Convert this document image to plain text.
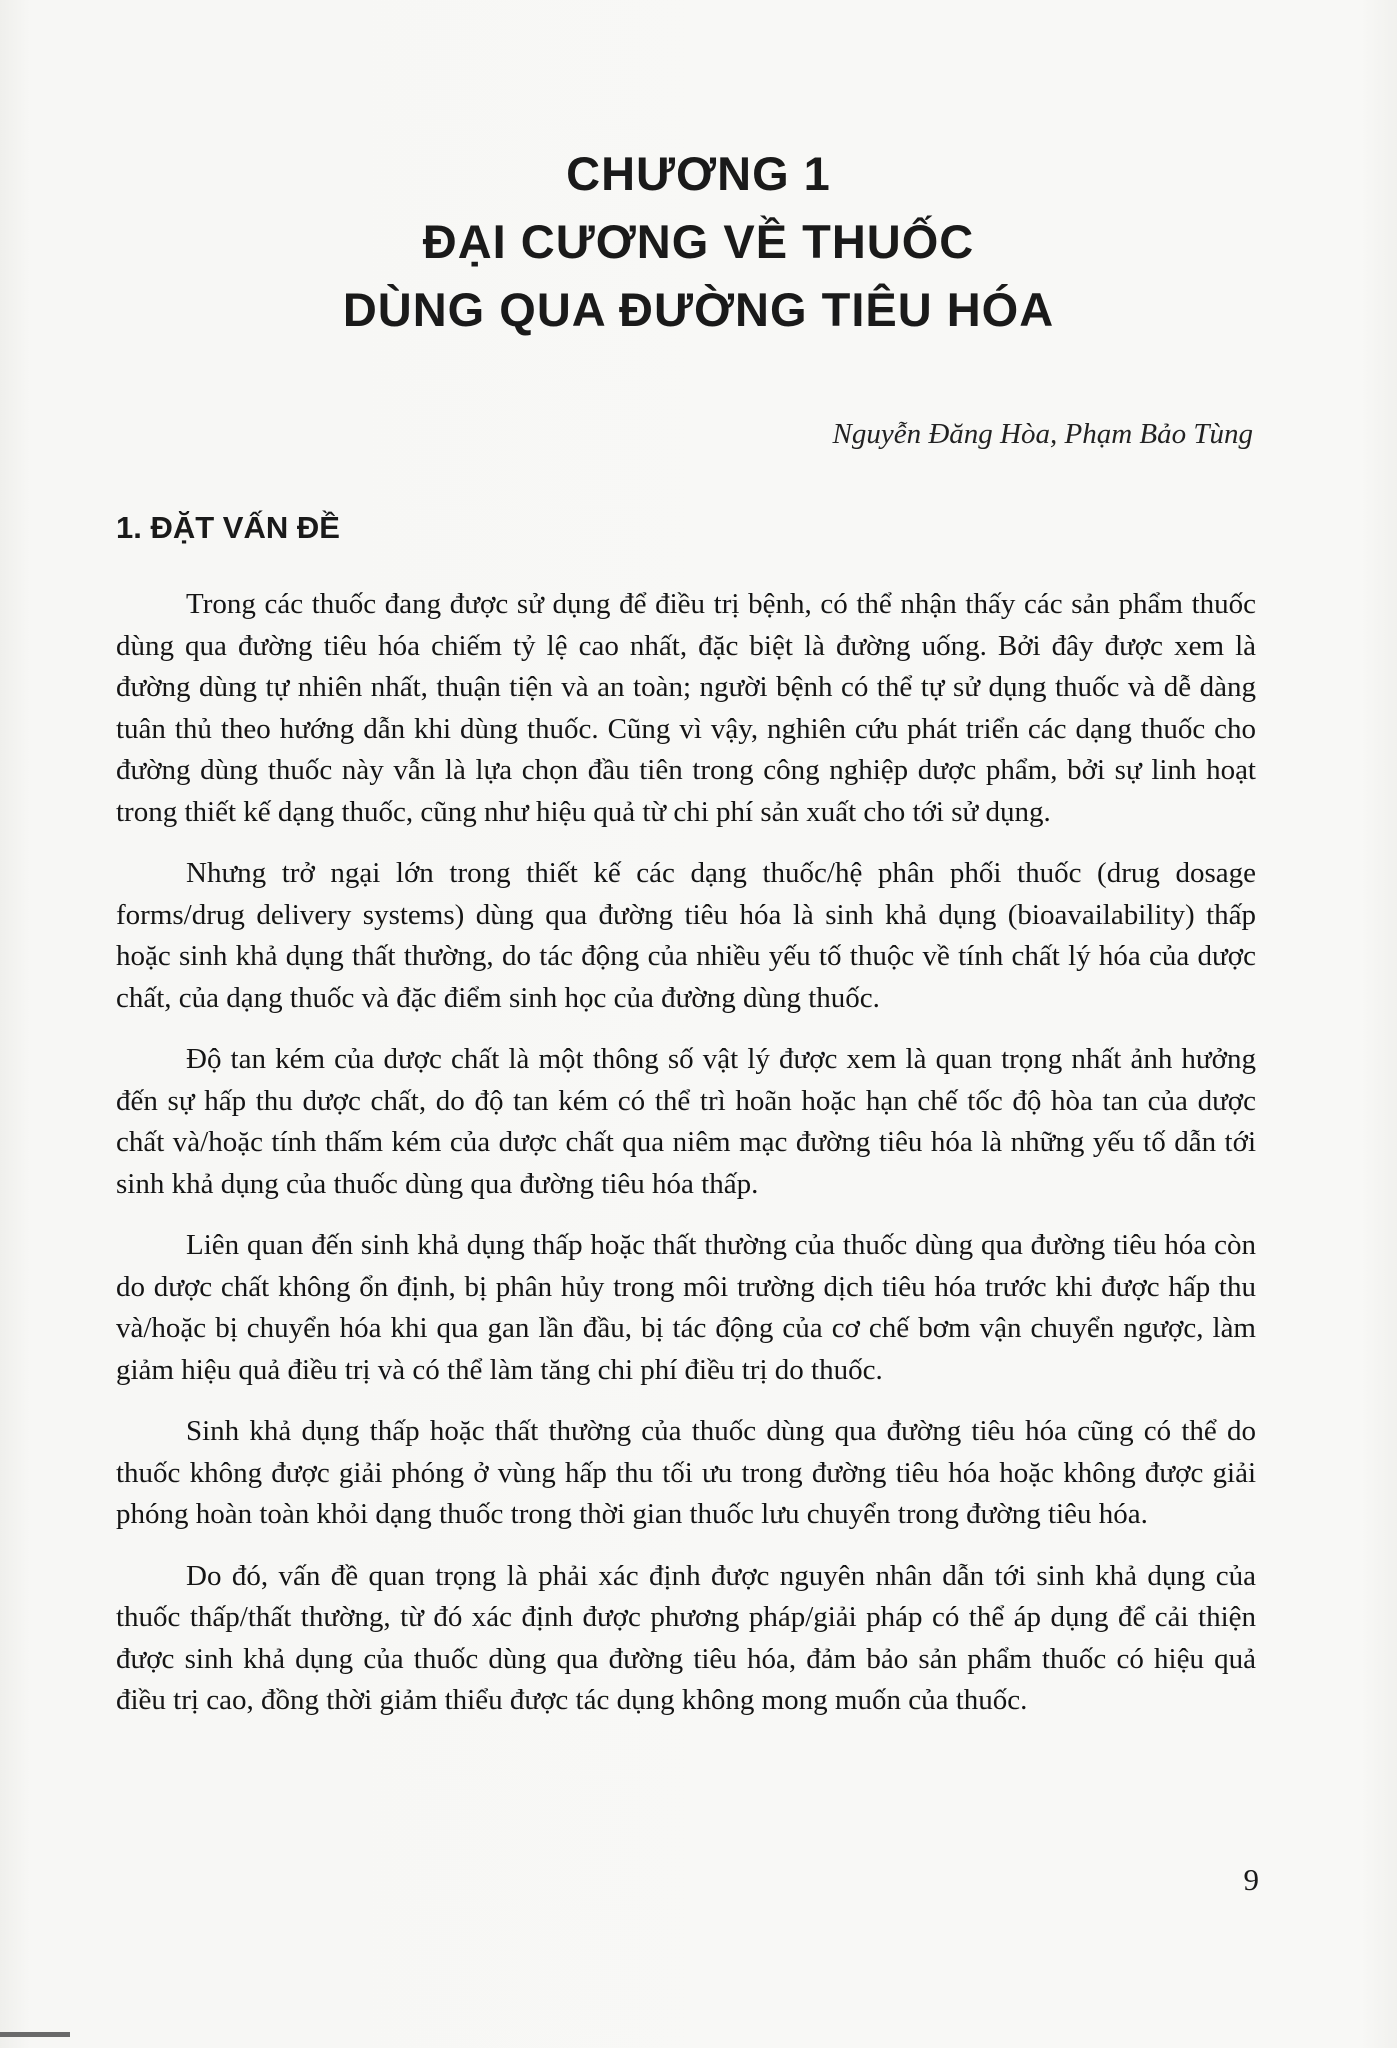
CHƯƠNG 1
ĐẠI CƯƠNG VỀ THUỐC
DÙNG QUA ĐƯỜNG TIÊU HÓA
Nguyễn Đăng Hòa, Phạm Bảo Tùng
1. ĐẶT VẤN ĐỀ

Trong các thuốc đang được sử dụng để điều trị bệnh, có thể nhận thấy các sản phẩm thuốc dùng qua đường tiêu hóa chiếm tỷ lệ cao nhất, đặc biệt là đường uống. Bởi đây được xem là đường dùng tự nhiên nhất, thuận tiện và an toàn; người bệnh có thể tự sử dụng thuốc và dễ dàng tuân thủ theo hướng dẫn khi dùng thuốc. Cũng vì vậy, nghiên cứu phát triển các dạng thuốc cho đường dùng thuốc này vẫn là lựa chọn đầu tiên trong công nghiệp dược phẩm, bởi sự linh hoạt trong thiết kế dạng thuốc, cũng như hiệu quả từ chi phí sản xuất cho tới sử dụng.

Nhưng trở ngại lớn trong thiết kế các dạng thuốc/hệ phân phối thuốc (drug dosage forms/drug delivery systems) dùng qua đường tiêu hóa là sinh khả dụng (bioavailability) thấp hoặc sinh khả dụng thất thường, do tác động của nhiều yếu tố thuộc về tính chất lý hóa của dược chất, của dạng thuốc và đặc điểm sinh học của đường dùng thuốc.

Độ tan kém của dược chất là một thông số vật lý được xem là quan trọng nhất ảnh hưởng đến sự hấp thu dược chất, do độ tan kém có thể trì hoãn hoặc hạn chế tốc độ hòa tan của dược chất và/hoặc tính thấm kém của dược chất qua niêm mạc đường tiêu hóa là những yếu tố dẫn tới sinh khả dụng của thuốc dùng qua đường tiêu hóa thấp.

Liên quan đến sinh khả dụng thấp hoặc thất thường của thuốc dùng qua đường tiêu hóa còn do dược chất không ổn định, bị phân hủy trong môi trường dịch tiêu hóa trước khi được hấp thu và/hoặc bị chuyển hóa khi qua gan lần đầu, bị tác động của cơ chế bơm vận chuyển ngược, làm giảm hiệu quả điều trị và có thể làm tăng chi phí điều trị do thuốc.

Sinh khả dụng thấp hoặc thất thường của thuốc dùng qua đường tiêu hóa cũng có thể do thuốc không được giải phóng ở vùng hấp thu tối ưu trong đường tiêu hóa hoặc không được giải phóng hoàn toàn khỏi dạng thuốc trong thời gian thuốc lưu chuyển trong đường tiêu hóa.

Do đó, vấn đề quan trọng là phải xác định được nguyên nhân dẫn tới sinh khả dụng của thuốc thấp/thất thường, từ đó xác định được phương pháp/giải pháp có thể áp dụng để cải thiện được sinh khả dụng của thuốc dùng qua đường tiêu hóa, đảm bảo sản phẩm thuốc có hiệu quả điều trị cao, đồng thời giảm thiểu được tác dụng không mong muốn của thuốc.

9
